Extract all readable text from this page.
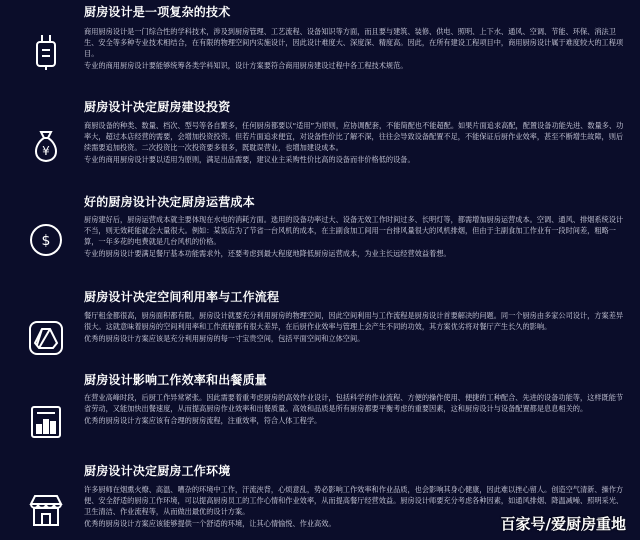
厨房设计是一项复杂的技术

商用厨房设计是一门综合性的学科技术，涉及到厨房管理、工艺流程、设备知识等方面，而且要与建筑、装修、供电、照明、上下水、通风、空调、节能、环保、消法卫生、安全等多种专业技术相结合，在有限的物理空间内实施设计，因此设计难度大、深度深、精度高。因此，在所有建设工程项目中，商用厨房设计属于难度较大的工程项目。

专业的商用厨房设计要能够统筹各类学科知识，设计方案要符合商用厨房建设过程中各工程技术规范。

¥
厨房设计决定厨房建设投资

商厨设备的种类、数量、档次、型号等各自繁多，任何厨房都要以“适用”为原则，应协调配套，不能简配也不能超配。如果片面追求高配，配置设备功能先进、数量多、功率大，超过本店经营的需要，会增加投资投资。但若片面追求便宜，对设备性价比了解不深，往往会导致设备配置不足，不能保证后厨作业效率，甚至不断增生故障，则后续需要追加投资。二次投资比一次投资要多很多，既耽误营业，也增加建设成本。

专业的商用厨房设计要以适用为原则，满足出品需要，建议业主采购性价比高的设备而非价格低的设备。

$
好的厨房设计决定厨房运营成本

厨房建好后，厨房运营成本就主要体现在水电的消耗方面。选用的设备功率过大、设备无效工作时间过多、长明灯等，都需增加厨房运营成本。空调、通风、排烟系统设计不当，则无效耗能就会大量很大。例如：某饭店为了节省一台风机的成本，在主副食加工间用一台排风量很大的风机排烟，但由于主副食加工作业有一段时间差，粗略一算，一年多花的电费就是几台风机的价格。

专业的厨房设计要满足餐厅基本功能需求外，还要考虑到最大程度地降低厨房运营成本，为业主长远经营效益着想。

厨房设计决定空间利用率与工作流程

餐厅租金都很高，厨房面积都有限，厨房设计就要充分利用厨房的物理空间，因此空间利用与工作流程是厨房设计首要解决的问题。同一个厨房由多家公司设计，方案差异很大。这就意味着厨房的空间利用率和工作流程都有很大差异，在后厨作业效率与管理上会产生不同的功效，其方案优劣将对餐厅产生长久的影响。

优秀的厨房设计方案应该是充分利用厨房的每一寸宝贵空间，包括平面空间和立体空间。

厨房设计影响工作效率和出餐质量

在营业高峰时段，后厨工作异常紧张。因此需要着重考虑厨房的高效作业设计，包括科学的作业流程、方便的操作使用、便捷的工种配合、先进的设备功能等，这样既能节省劳动，又能加快出餐速度，从而提高厨房作业效率和出餐质量。高效和品质是所有厨房都要平衡考虑的重要因素，这和厨房设计与设备配置都是息息相关的。

优秀的厨房设计方案应该有合理的厨房流程，注重效率，符合人体工程学。

厨房设计决定厨房工作环境

许多厨师在烟熏火燎、高温、嘈杂的环境中工作，汗流浃背，心烦意乱，势必影响工作效率和作业品质，也会影响其身心健康，因此难以挫心留人。创造空气清新、操作方便、安全舒适的厨房工作环境，可以提高厨房员工的工作心情和作业效率，从而提高餐厅经营效益。厨房设计师要充分考虑各种因素，如通风排烟、降温减噪、照明采光、卫生清洁、作业流程等，从而做出最优的设计方案。

优秀的厨房设计方案应该能够提供一个舒适的环境，让其心情愉悦、作业高效。	百家号/爱厨房重地
